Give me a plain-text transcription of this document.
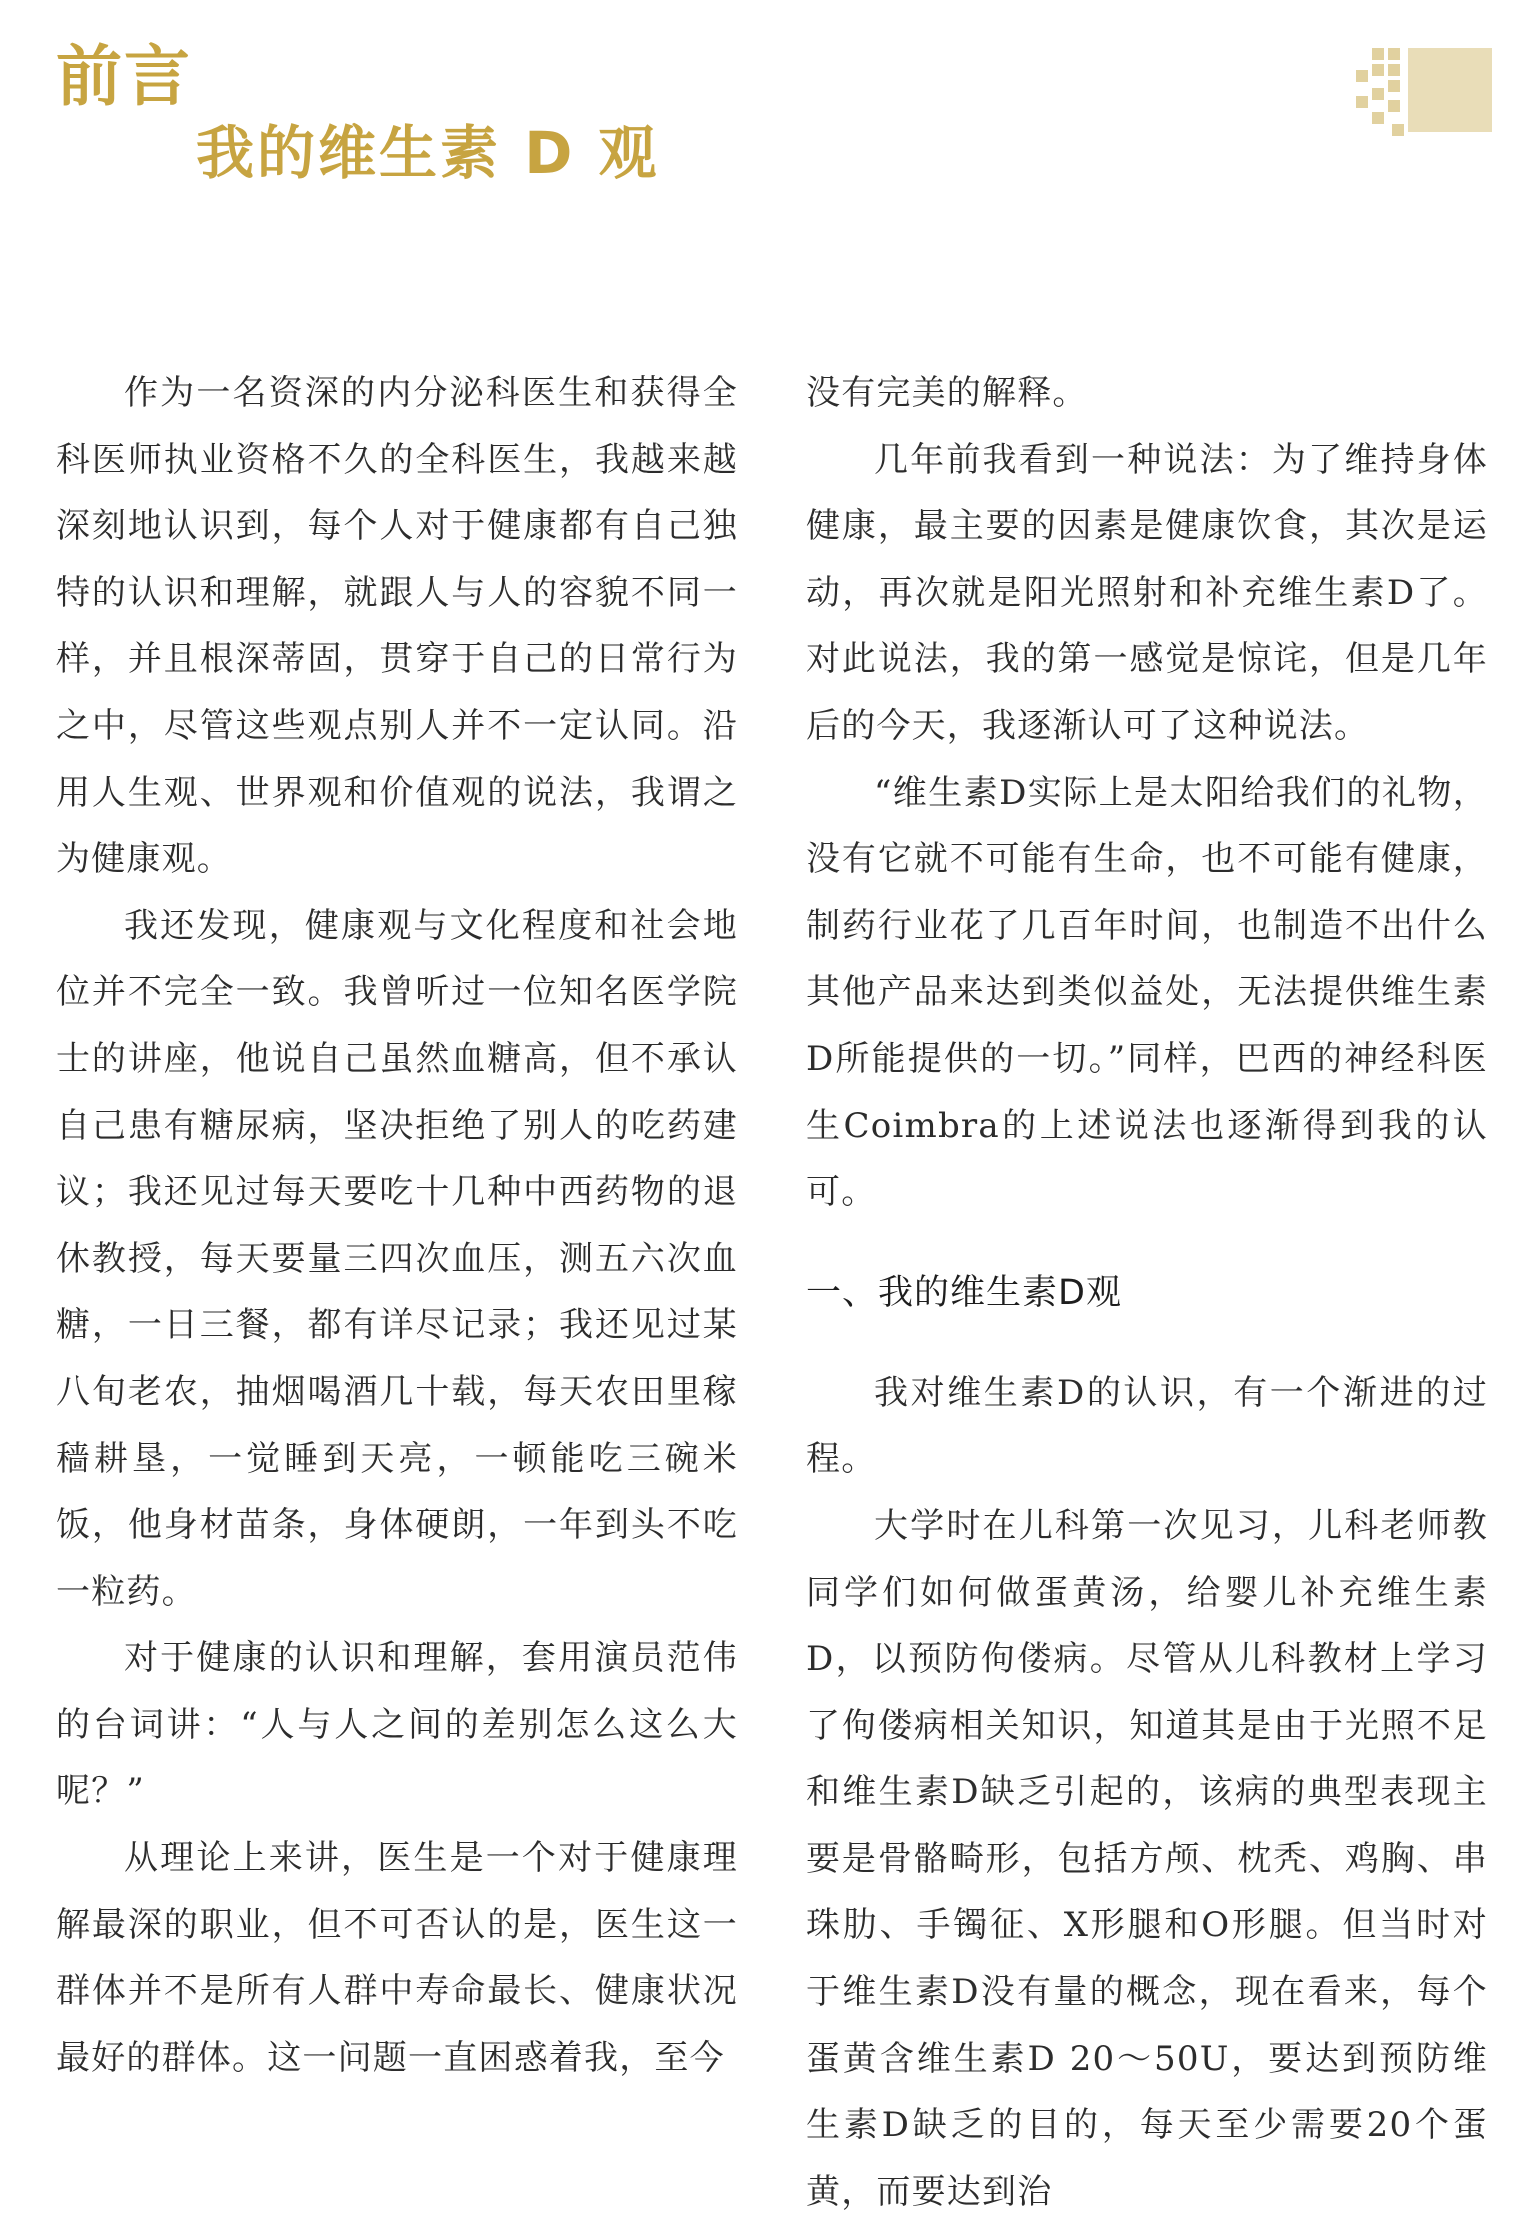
前言
我的维生素 D 观

作为一名资深的内分泌科医生和获得全科医师执业资格不久的全科医生，我越来越深刻地认识到，每个人对于健康都有自己独特的认识和理解，就跟人与人的容貌不同一样，并且根深蒂固，贯穿于自己的日常行为之中，尽管这些观点别人并不一定认同。沿用人生观、世界观和价值观的说法，我谓之为健康观。

我还发现，健康观与文化程度和社会地位并不完全一致。我曾听过一位知名医学院士的讲座，他说自己虽然血糖高，但不承认自己患有糖尿病，坚决拒绝了别人的吃药建议；我还见过每天要吃十几种中西药物的退休教授，每天要量三四次血压，测五六次血糖，一日三餐，都有详尽记录；我还见过某八旬老农，抽烟喝酒几十载，每天农田里稼穑耕垦，一觉睡到天亮，一顿能吃三碗米饭，他身材苗条，身体硬朗，一年到头不吃一粒药。

对于健康的认识和理解，套用演员范伟的台词讲：“人与人之间的差别怎么这么大呢？”

从理论上来讲，医生是一个对于健康理解最深的职业，但不可否认的是，医生这一群体并不是所有人群中寿命最长、健康状况最好的群体。这一问题一直困惑着我，至今

没有完美的解释。

几年前我看到一种说法：为了维持身体健康，最主要的因素是健康饮食，其次是运动，再次就是阳光照射和补充维生素D了。对此说法，我的第一感觉是惊诧，但是几年后的今天，我逐渐认可了这种说法。

“维生素D实际上是太阳给我们的礼物，没有它就不可能有生命，也不可能有健康，制药行业花了几百年时间，也制造不出什么其他产品来达到类似益处，无法提供维生素D所能提供的一切。”同样，巴西的神经科医生Coimbra的上述说法也逐渐得到我的认可。

一、我的维生素D观

我对维生素D的认识，有一个渐进的过程。

大学时在儿科第一次见习，儿科老师教同学们如何做蛋黄汤，给婴儿补充维生素D，以预防佝偻病。尽管从儿科教材上学习了佝偻病相关知识，知道其是由于光照不足和维生素D缺乏引起的，该病的典型表现主要是骨骼畸形，包括方颅、枕秃、鸡胸、串珠肋、手镯征、X形腿和O形腿。但当时对于维生素D没有量的概念，现在看来，每个蛋黄含维生素D 20～50U，要达到预防维生素D缺乏的目的，每天至少需要20个蛋黄，而要达到治
